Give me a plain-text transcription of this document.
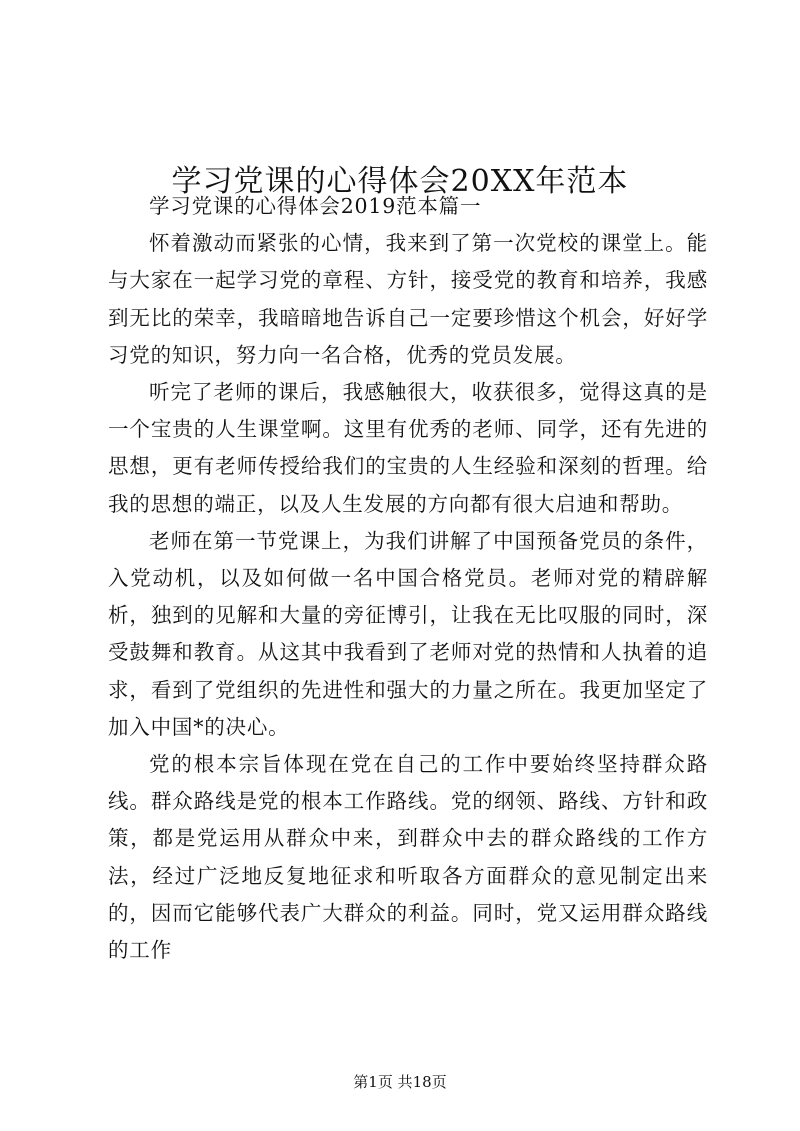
学习党课的心得体会20XX年范本

学习党课的心得体会2019范本篇一

怀着激动而紧张的心情，我来到了第一次党校的课堂上。能与大家在一起学习党的章程、方针，接受党的教育和培养，我感到无比的荣幸，我暗暗地告诉自己一定要珍惜这个机会，好好学习党的知识，努力向一名合格，优秀的党员发展。

听完了老师的课后，我感触很大，收获很多，觉得这真的是一个宝贵的人生课堂啊。这里有优秀的老师、同学，还有先进的思想，更有老师传授给我们的宝贵的人生经验和深刻的哲理。给我的思想的端正，以及人生发展的方向都有很大启迪和帮助。

老师在第一节党课上，为我们讲解了中国预备党员的条件，入党动机，以及如何做一名中国合格党员。老师对党的精辟解析，独到的见解和大量的旁征博引，让我在无比叹服的同时，深受鼓舞和教育。从这其中我看到了老师对党的热情和人执着的追求，看到了党组织的先进性和强大的力量之所在。我更加坚定了加入中国*的决心。

党的根本宗旨体现在党在自己的工作中要始终坚持群众路线。群众路线是党的根本工作路线。党的纲领、路线、方针和政策，都是党运用从群众中来，到群众中去的群众路线的工作方法，经过广泛地反复地征求和听取各方面群众的意见制定出来的，因而它能够代表广大群众的利益。同时，党又运用群众路线的工作

第1页 共18页
